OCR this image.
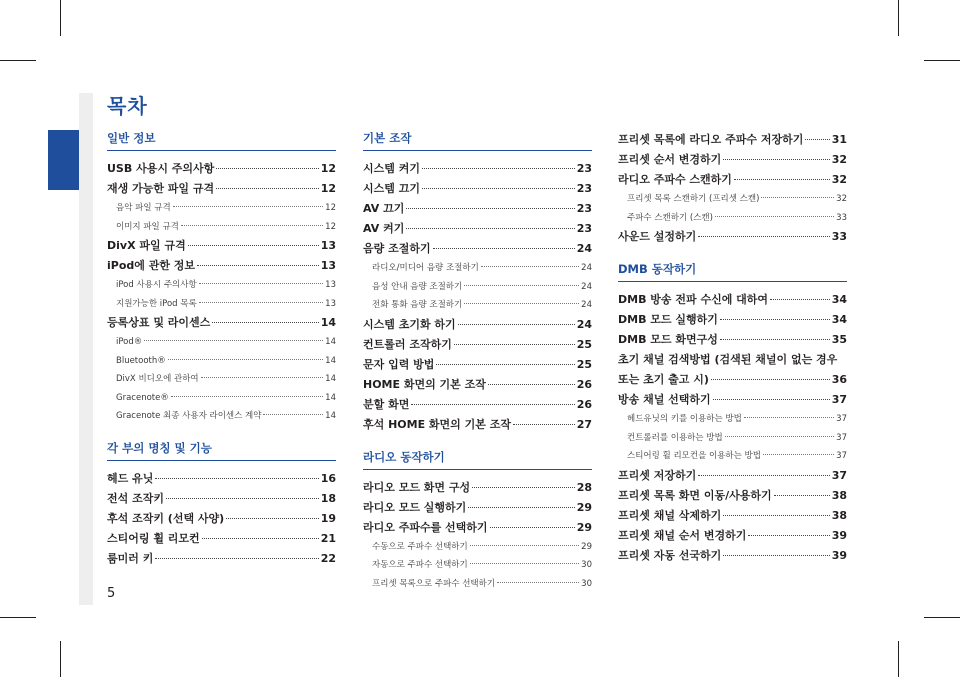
목차
5
일반 정보
USB 사용시 주의사항	12
재생 가능한 파일 규격	12
음악 파일 규격	12
이미지 파일 규격	12
DivX 파일 규격	13
iPod에 관한 정보	13
iPod 사용시 주의사항	13
지원가능한 iPod 목록	13
등록상표 및 라이센스	14
iPod®	14
Bluetooth®	14
DivX 비디오에 관하여	14
Gracenote®	14
Gracenote 최종 사용자 라이센스 계약	14
각 부의 명칭 및 기능
헤드 유닛	16
전석 조작키	18
후석 조작키 (선택 사양)	19
스티어링 휠 리모컨	21
룸미러 키	22
기본 조작
시스템 켜기	23
시스템 끄기	23
AV 끄기	23
AV 켜기	23
음량 조절하기	24
라디오/미디어 음량 조절하기	24
음성 안내 음량 조절하기	24
전화 통화 음량 조절하기	24
시스템 초기화 하기	24
컨트롤러 조작하기	25
문자 입력 방법	25
HOME 화면의 기본 조작	26
분할 화면	26
후석 HOME 화면의 기본 조작	27
라디오 동작하기
라디오 모드 화면 구성	28
라디오 모드 실행하기	29
라디오 주파수를 선택하기	29
수동으로 주파수 선택하기	29
자동으로 주파수 선택하기	30
프리셋 목록으로 주파수 선택하기	30
프리셋 목록에 라디오 주파수 저장하기	31
프리셋 순서 변경하기	32
라디오 주파수 스캔하기	32
프리셋 목록 스캔하기 (프리셋 스캔)	32
주파수 스캔하기 (스캔)	33
사운드 설정하기	33
DMB 동작하기
DMB 방송 전파 수신에 대하여	34
DMB 모드 실행하기	34
DMB 모드 화면구성	35
초기 채널 검색방법 (검색된 채널이 없는 경우
또는 초기 출고 시)	36
방송 채널 선택하기	37
헤드유닛의 키를 이용하는 방법	37
컨트롤러를 이용하는 방법	37
스티어링 휠 리모컨을 이용하는 방법	37
프리셋 저장하기	37
프리셋 목록 화면 이동/사용하기	38
프리셋 채널 삭제하기	38
프리셋 채널 순서 변경하기	39
프리셋 자동 선국하기	39
